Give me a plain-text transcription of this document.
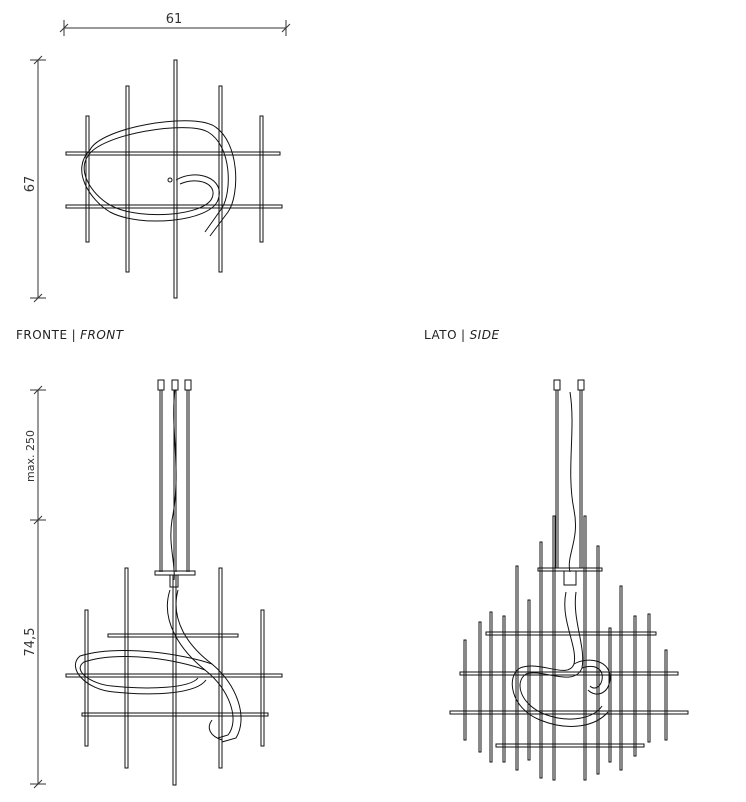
61
67
max. 250
74,5
FRONTE | FRONT	LATO | SIDE
